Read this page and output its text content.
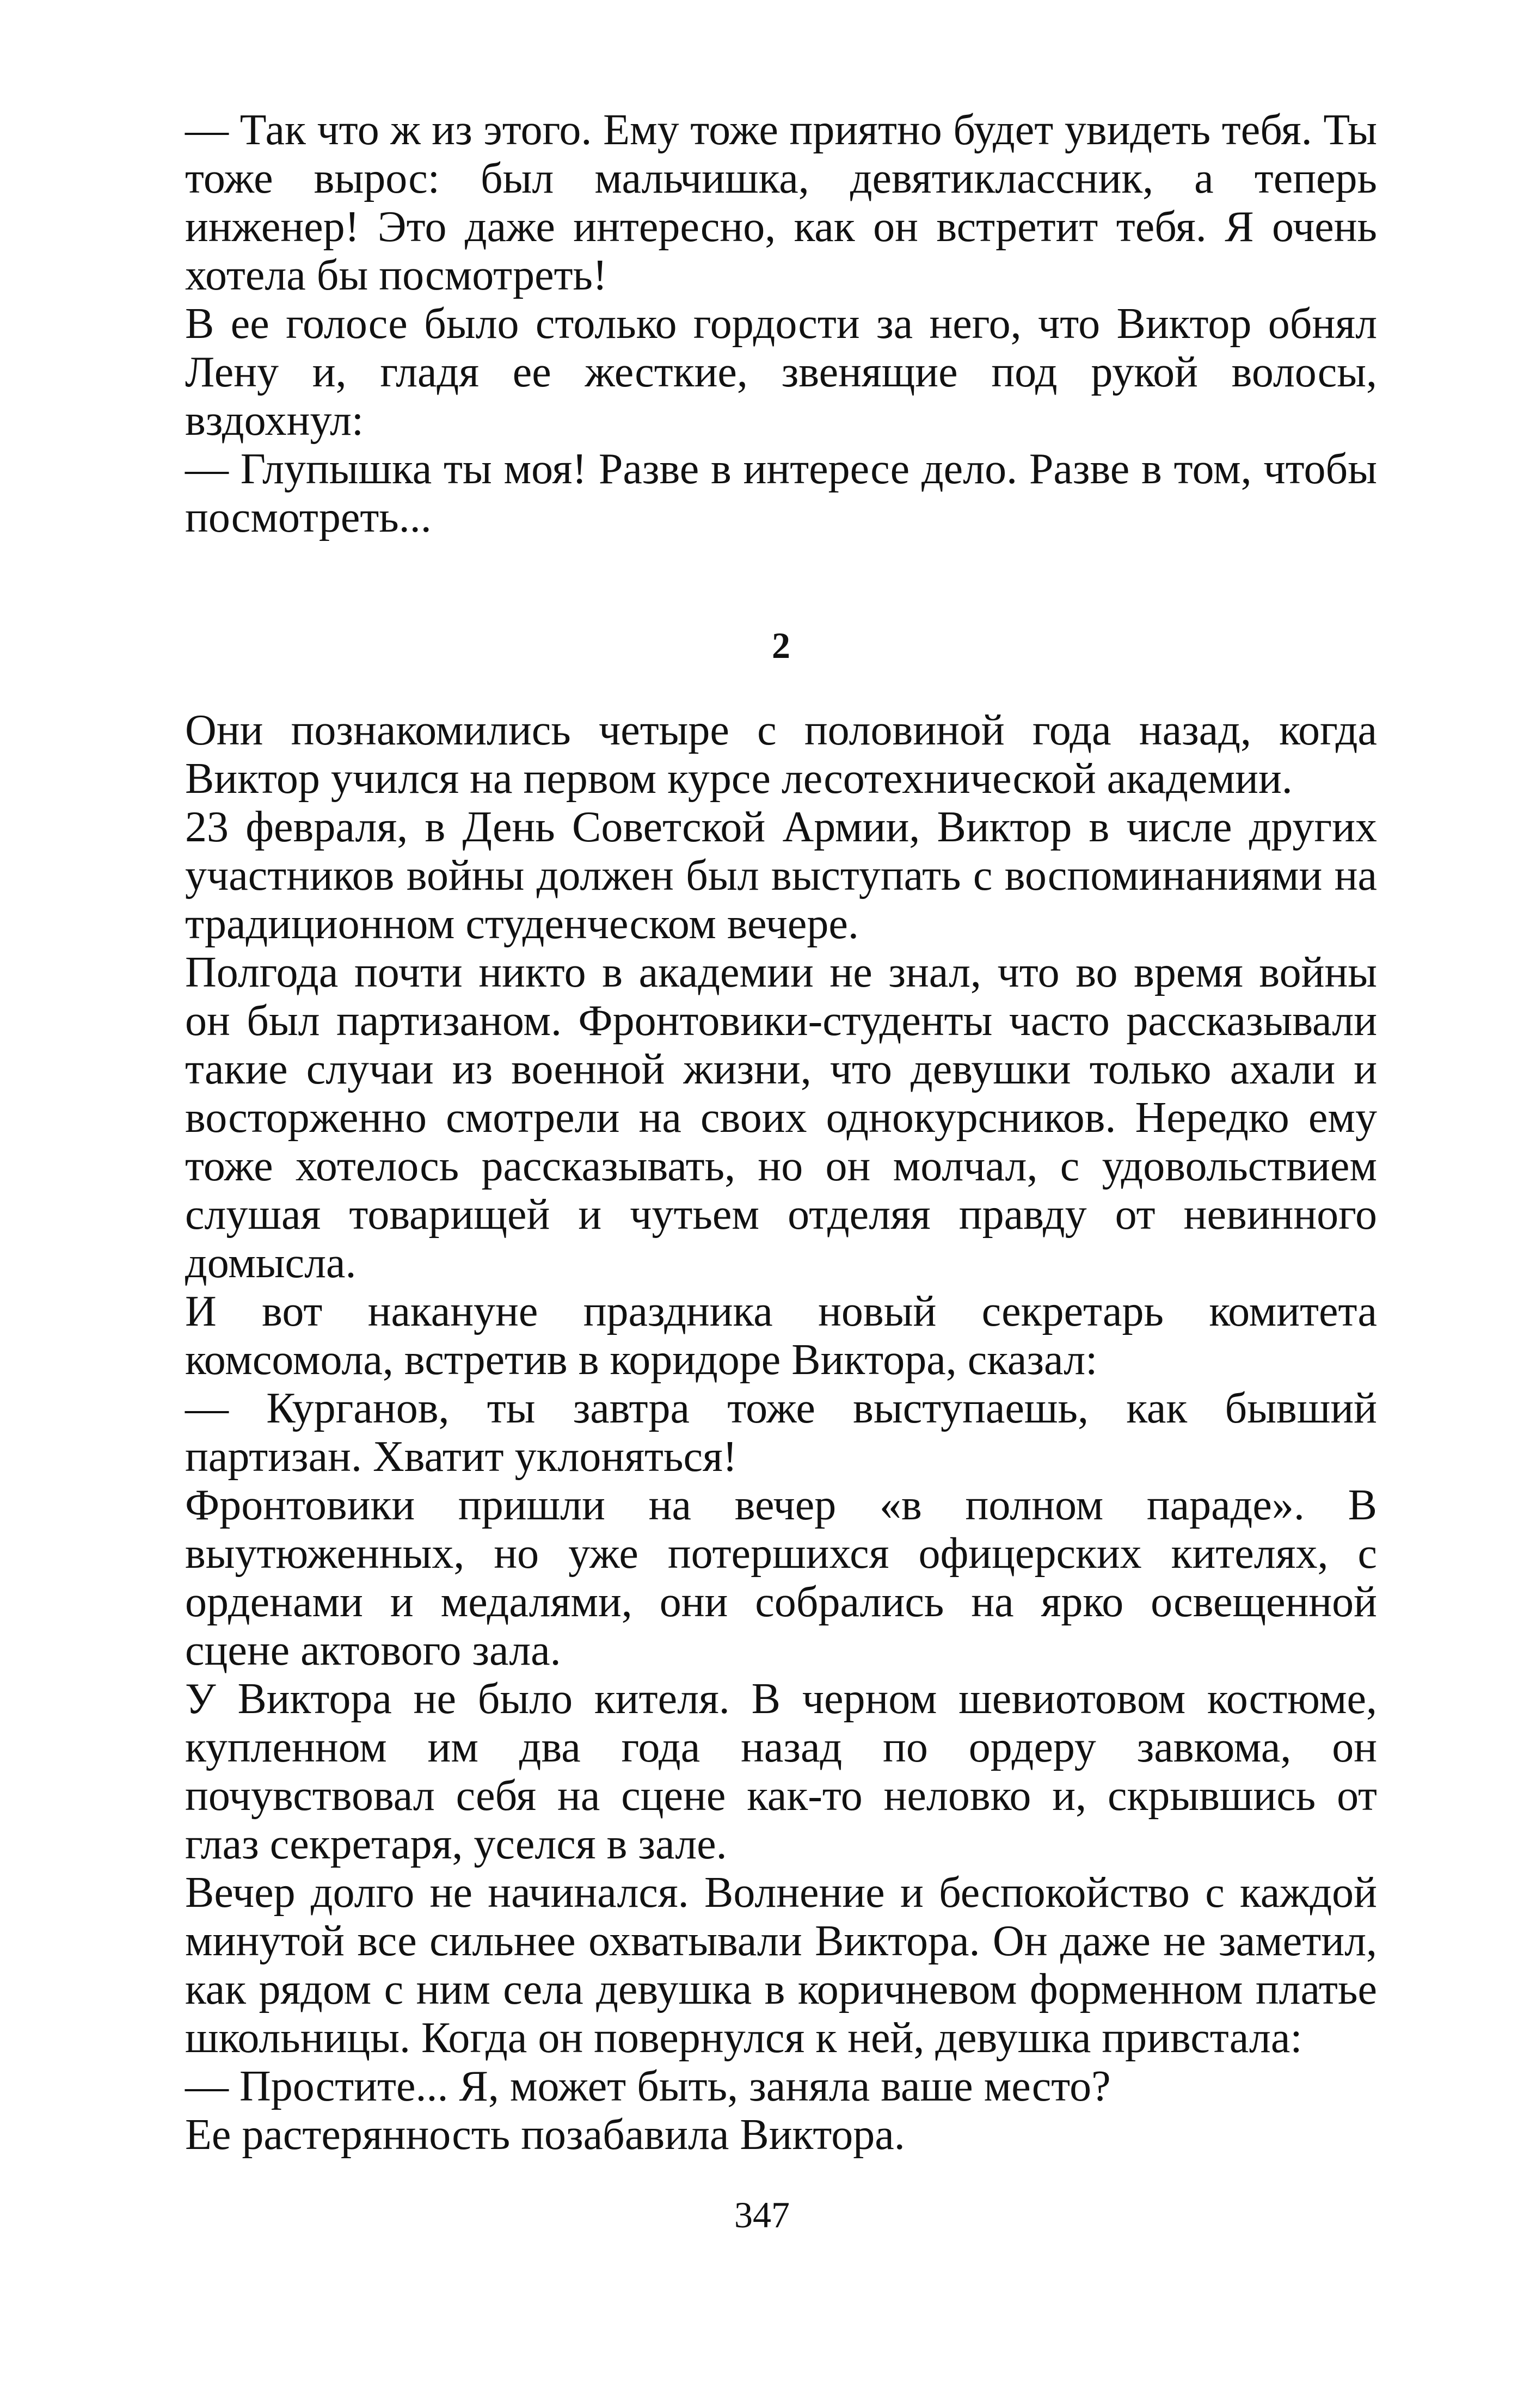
— Так что ж из этого. Ему тоже приятно будет увидеть тебя. Ты тоже вырос: был мальчишка, девятиклассник, а теперь инженер! Это даже интересно, как он встретит тебя. Я очень хотела бы посмотреть!

В ее голосе было столько гордости за него, что Виктор обнял Лену и, гладя ее жесткие, звенящие под рукой волосы, вздохнул:

— Глупышка ты моя! Разве в интересе дело. Разве в том, чтобы посмотреть...

2

Они познакомились четыре с половиной года назад, когда Виктор учился на первом курсе лесотехнической академии.

23 февраля, в День Советской Армии, Виктор в числе других участников войны должен был выступать с воспоминаниями на традиционном студенческом вечере.

Полгода почти никто в академии не знал, что во время войны он был партизаном. Фронтовики-студенты часто рассказывали такие случаи из военной жизни, что девушки только ахали и восторженно смотрели на своих однокурсников. Нередко ему тоже хотелось рассказывать, но он молчал, с удовольствием слушая товарищей и чутьем отделяя правду от невинного домысла.

И вот накануне праздника новый секретарь комитета комсомола, встретив в коридоре Виктора, сказал:

— Курганов, ты завтра тоже выступаешь, как бывший партизан. Хватит уклоняться!

Фронтовики пришли на вечер «в полном параде». В выутюженных, но уже потершихся офицерских кителях, с орденами и медалями, они собрались на ярко освещенной сцене актового зала.

У Виктора не было кителя. В черном шевиотовом костюме, купленном им два года назад по ордеру завкома, он почувствовал себя на сцене как-то неловко и, скрывшись от глаз секретаря, уселся в зале.

Вечер долго не начинался. Волнение и беспокойство с каждой минутой все сильнее охватывали Виктора. Он даже не заметил, как рядом с ним села девушка в коричневом форменном платье школьницы. Когда он повернулся к ней, девушка привстала:

— Простите... Я, может быть, заняла ваше место?

Ее растерянность позабавила Виктора.

347
